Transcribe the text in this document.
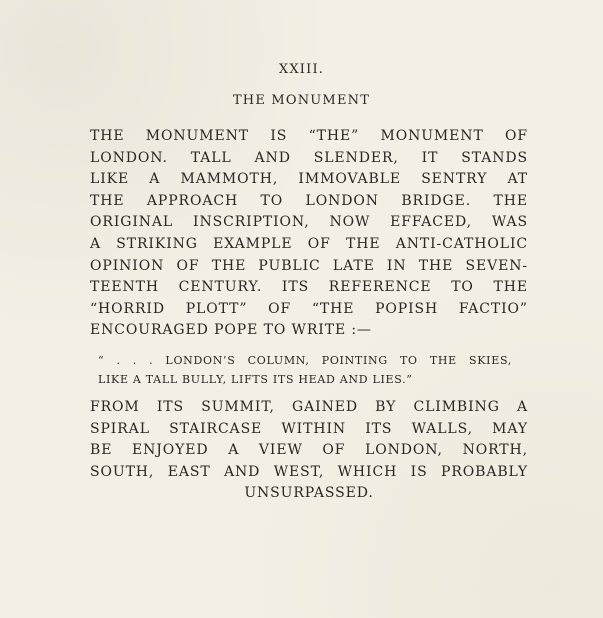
XXIII.
THE MONUMENT
THE MONUMENT IS “THE” MONUMENT OF
LONDON. TALL AND SLENDER, IT STANDS
LIKE A MAMMOTH, IMMOVABLE SENTRY AT
THE APPROACH TO LONDON BRIDGE. THE
ORIGINAL INSCRIPTION, NOW EFFACED, WAS
A STRIKING EXAMPLE OF THE ANTI-CATHOLIC
OPINION OF THE PUBLIC LATE IN THE SEVEN-
TEENTH CENTURY. ITS REFERENCE TO THE
“HORRID PLOTT” OF “THE POPISH FACTIO”
ENCOURAGED POPE TO WRITE :—
“ . . . LONDON’S COLUMN, POINTING TO THE SKIES,
LIKE A TALL BULLY, LIFTS ITS HEAD AND LIES.”
FROM ITS SUMMIT, GAINED BY CLIMBING A
SPIRAL STAIRCASE WITHIN ITS WALLS, MAY
BE ENJOYED A VIEW OF LONDON, NORTH,
SOUTH, EAST AND WEST, WHICH IS PROBABLY
UNSURPASSED.
